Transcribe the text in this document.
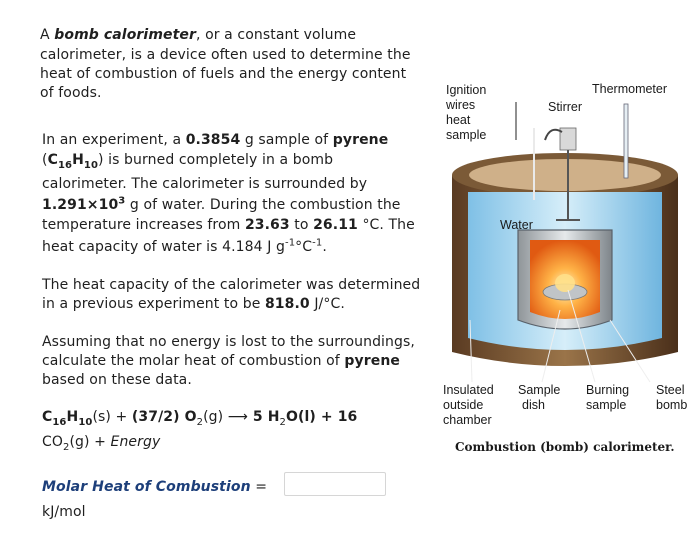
A bomb calorimeter, or a constant volume
calorimeter, is a device often used to determine the
heat of combustion of fuels and the energy content
of foods.
In an experiment, a 0.3854 g sample of pyrene
$(C_{16}H_{10})$ is burned completely in a bomb
calorimeter. The calorimeter is surrounded by
$1.291\times 10^3$ g of water. During the combustion the
temperature increases from 23.63 to 26.11 °C. The
heat capacity of water is 4.184 J $g^{-1}^\circ C^{-1}$.
The heat capacity of the calorimeter was determined
in a previous experiment to be 818.0 J/°C.
Assuming that no energy is lost to the surroundings,
calculate the molar heat of combustion of pyrene
based on these data.
$C_{16}H_{10}(s) + (37/2)$ $O_2(g)$ ⟶ 5 $H_2O(l) + 16$
$CO_2(g)$ + Energy
Molar Heat of Combustion =
kJ/mol
Ignition
wires
heat
sample
Stirrer
Thermometer
Water
Insulated
outside
chamber
Sample
dish
Burning
sample
Steel
bomb
Combustion (bomb) calorimeter.
